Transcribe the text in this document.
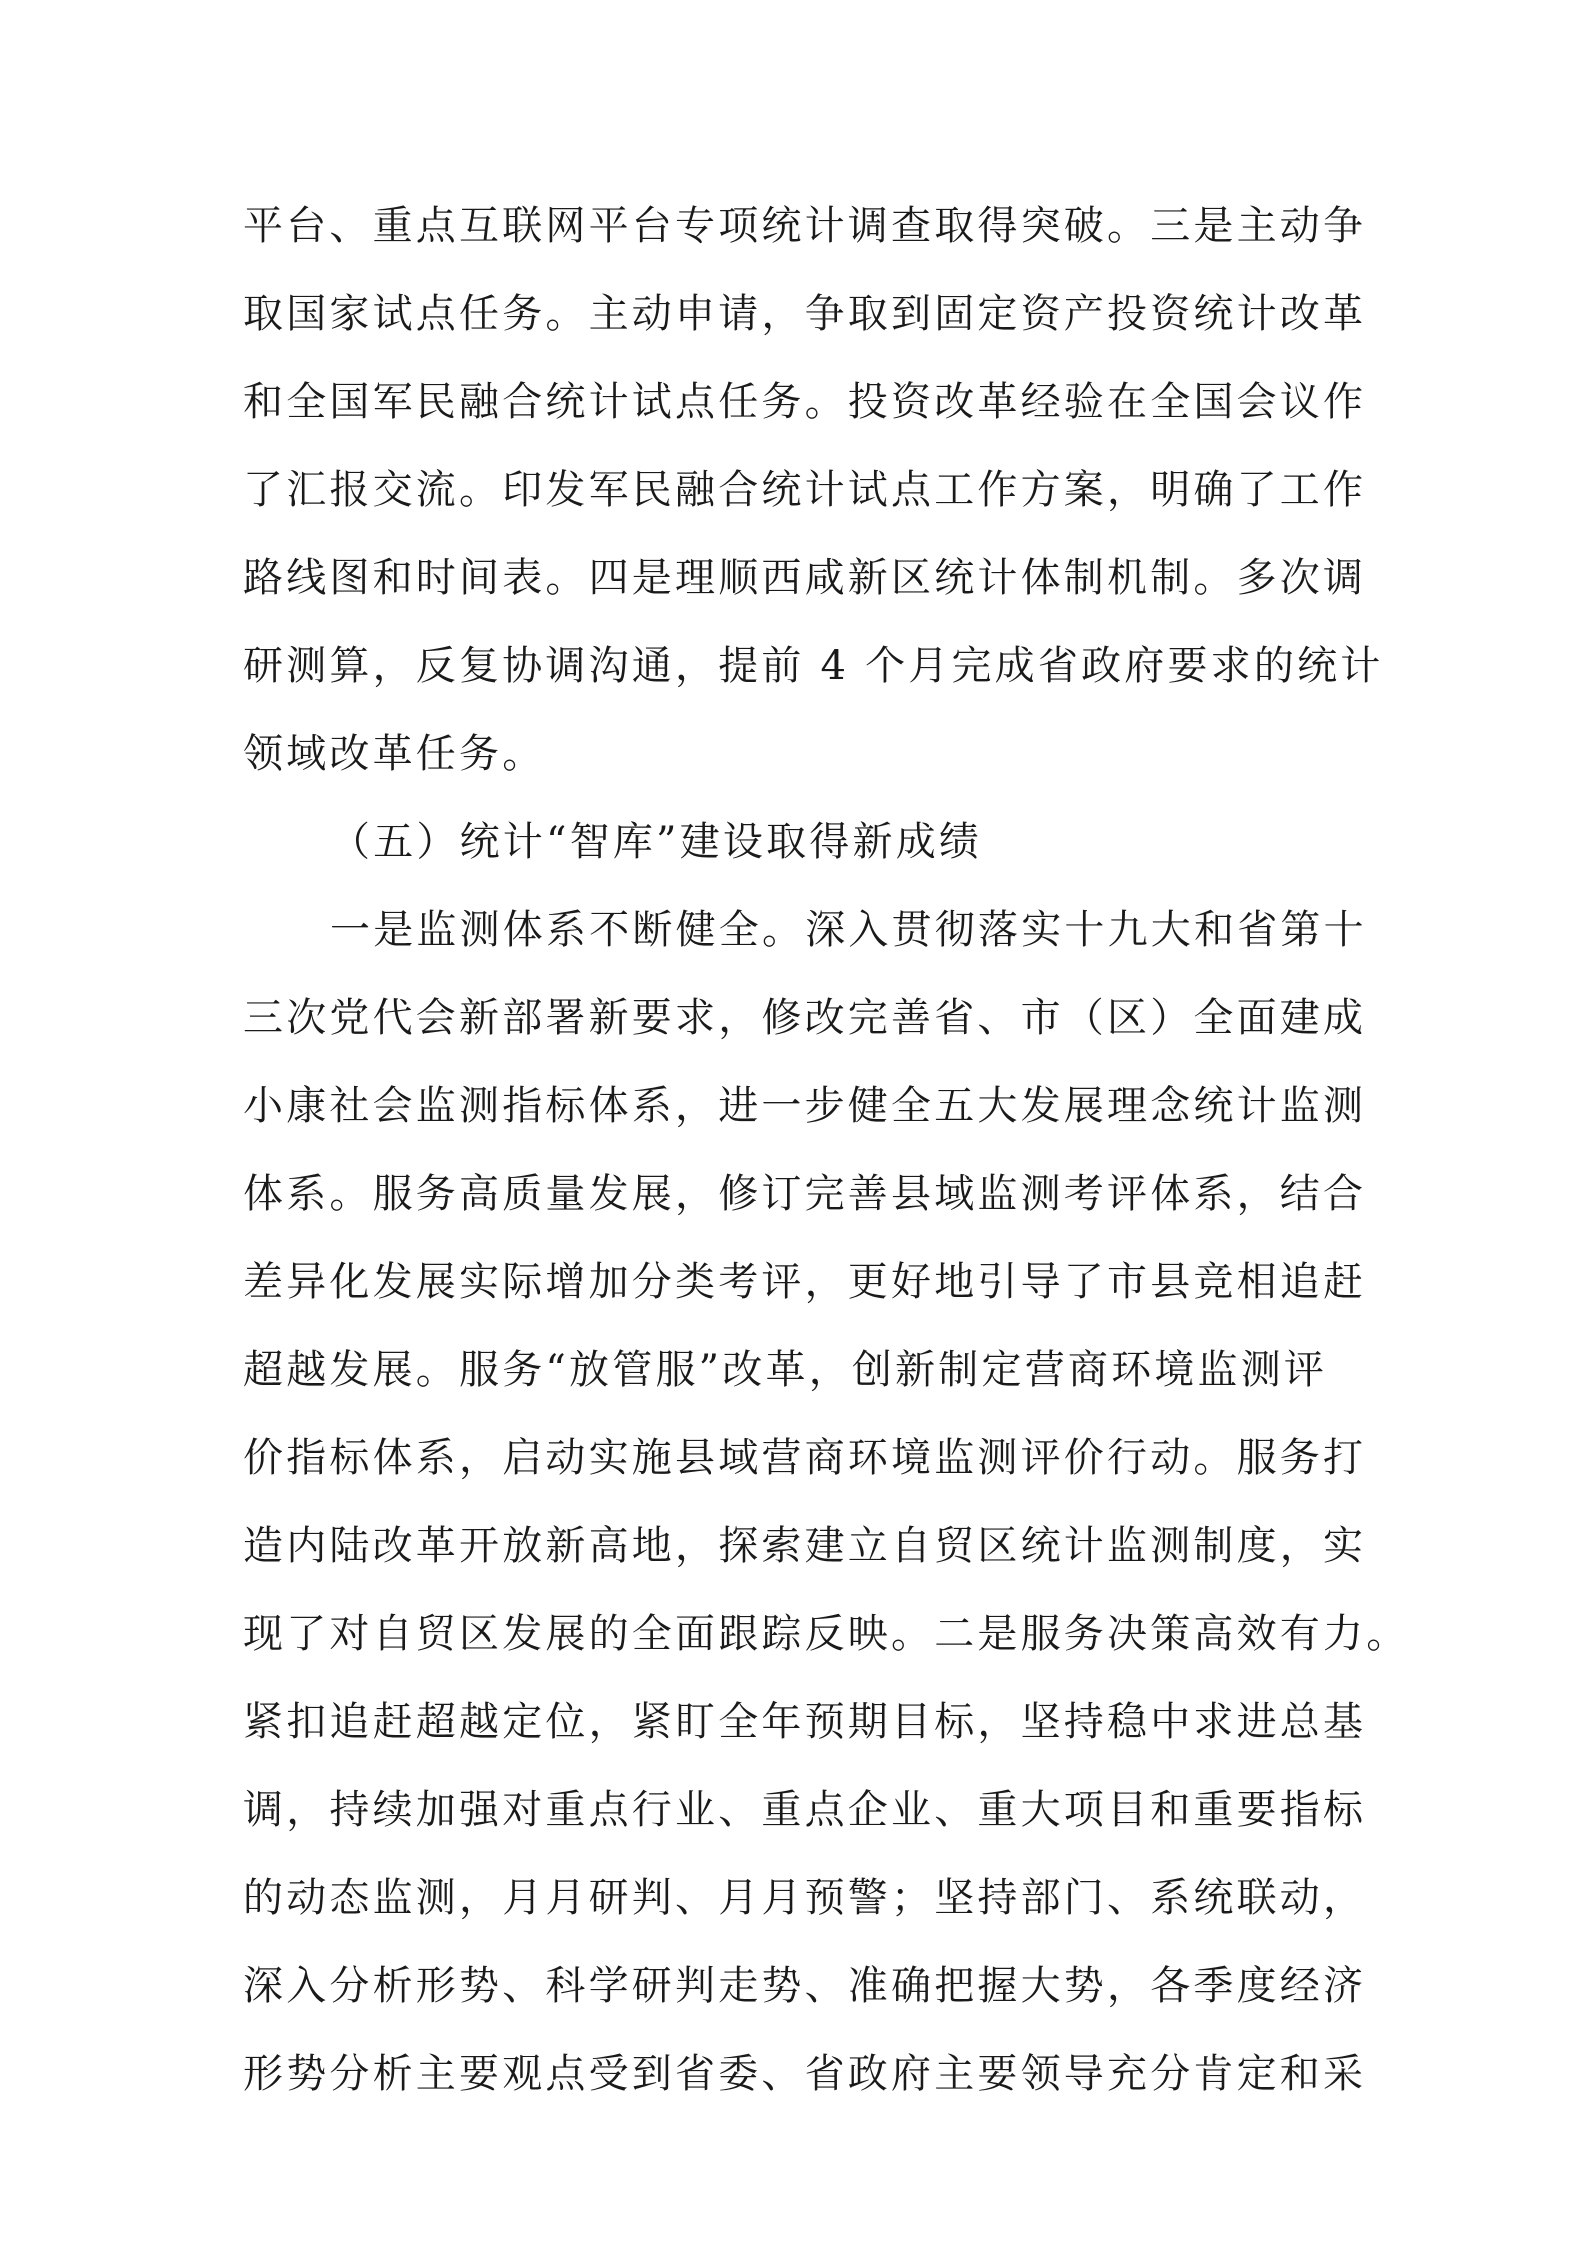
平台、重点互联网平台专项统计调查取得突破。三是主动争
取国家试点任务。主动申请，争取到固定资产投资统计改革
和全国军民融合统计试点任务。投资改革经验在全国会议作
了汇报交流。印发军民融合统计试点工作方案，明确了工作
路线图和时间表。四是理顺西咸新区统计体制机制。多次调
研测算，反复协调沟通，提前 4 个月完成省政府要求的统计
领域改革任务。
（五）统计“智库”建设取得新成绩
一是监测体系不断健全。深入贯彻落实十九大和省第十
三次党代会新部署新要求，修改完善省、市（区）全面建成
小康社会监测指标体系，进一步健全五大发展理念统计监测
体系。服务高质量发展，修订完善县域监测考评体系，结合
差异化发展实际增加分类考评，更好地引导了市县竞相追赶
超越发展。服务“放管服”改革，创新制定营商环境监测评
价指标体系，启动实施县域营商环境监测评价行动。服务打
造内陆改革开放新高地，探索建立自贸区统计监测制度，实
现了对自贸区发展的全面跟踪反映。二是服务决策高效有力。
紧扣追赶超越定位，紧盯全年预期目标，坚持稳中求进总基
调，持续加强对重点行业、重点企业、重大项目和重要指标
的动态监测，月月研判、月月预警；坚持部门、系统联动，
深入分析形势、科学研判走势、准确把握大势，各季度经济
形势分析主要观点受到省委、省政府主要领导充分肯定和采
